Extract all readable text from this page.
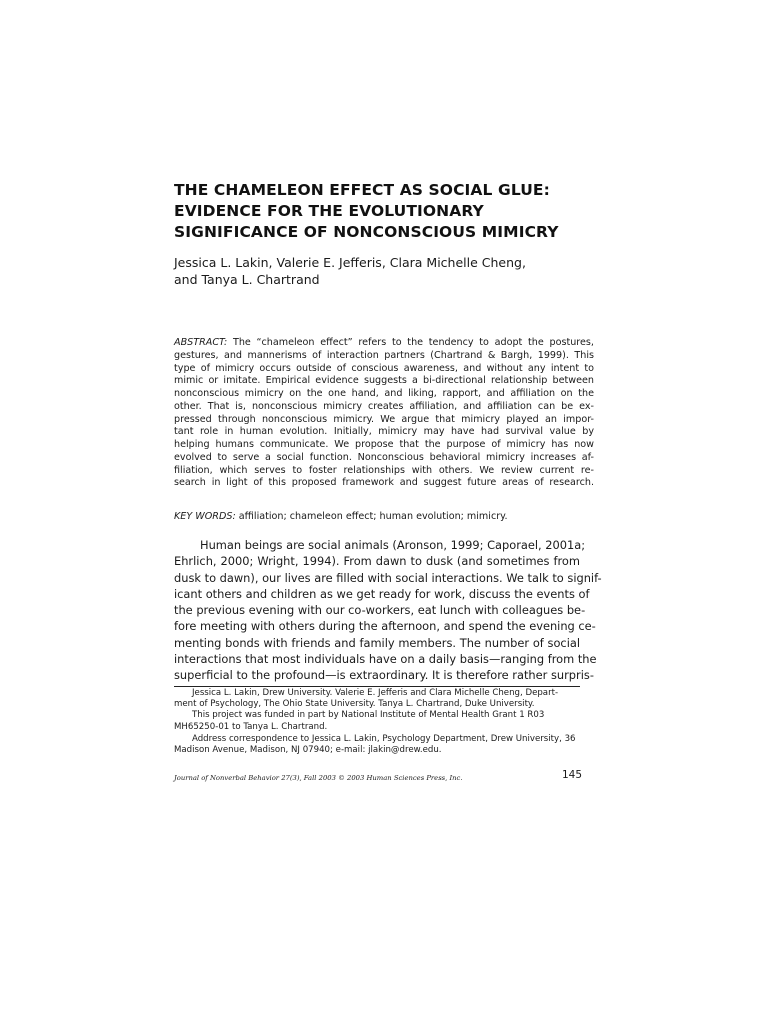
THE CHAMELEON EFFECT AS SOCIAL GLUE:
EVIDENCE FOR THE EVOLUTIONARY
SIGNIFICANCE OF NONCONSCIOUS MIMICRY
Jessica L. Lakin, Valerie E. Jefferis, Clara Michelle Cheng,
and Tanya L. Chartrand
ABSTRACT: The “chameleon effect” refers to the tendency to adopt the postures,
gestures, and mannerisms of interaction partners (Chartrand & Bargh, 1999). This
type of mimicry occurs outside of conscious awareness, and without any intent to
mimic or imitate. Empirical evidence suggests a bi-directional relationship between
nonconscious mimicry on the one hand, and liking, rapport, and affiliation on the
other. That is, nonconscious mimicry creates affiliation, and affiliation can be ex-
pressed through nonconscious mimicry. We argue that mimicry played an impor-
tant role in human evolution. Initially, mimicry may have had survival value by
helping humans communicate. We propose that the purpose of mimicry has now
evolved to serve a social function. Nonconscious behavioral mimicry increases af-
filiation, which serves to foster relationships with others. We review current re-
search in light of this proposed framework and suggest future areas of research.
KEY WORDS: affiliation; chameleon effect; human evolution; mimicry.
Human beings are social animals (Aronson, 1999; Caporael, 2001a;
Ehrlich, 2000; Wright, 1994). From dawn to dusk (and sometimes from
dusk to dawn), our lives are filled with social interactions. We talk to signif-
icant others and children as we get ready for work, discuss the events of
the previous evening with our co-workers, eat lunch with colleagues be-
fore meeting with others during the afternoon, and spend the evening ce-
menting bonds with friends and family members. The number of social
interactions that most individuals have on a daily basis—ranging from the
superficial to the profound—is extraordinary. It is therefore rather surpris-
Jessica L. Lakin, Drew University. Valerie E. Jefferis and Clara Michelle Cheng, Depart-
ment of Psychology, The Ohio State University. Tanya L. Chartrand, Duke University.
This project was funded in part by National Institute of Mental Health Grant 1 R03
MH65250-01 to Tanya L. Chartrand.
Address correspondence to Jessica L. Lakin, Psychology Department, Drew University, 36
Madison Avenue, Madison, NJ 07940; e-mail: jlakin@drew.edu.
Journal of Nonverbal Behavior 27(3), Fall 2003 © 2003 Human Sciences Press, Inc.	145
